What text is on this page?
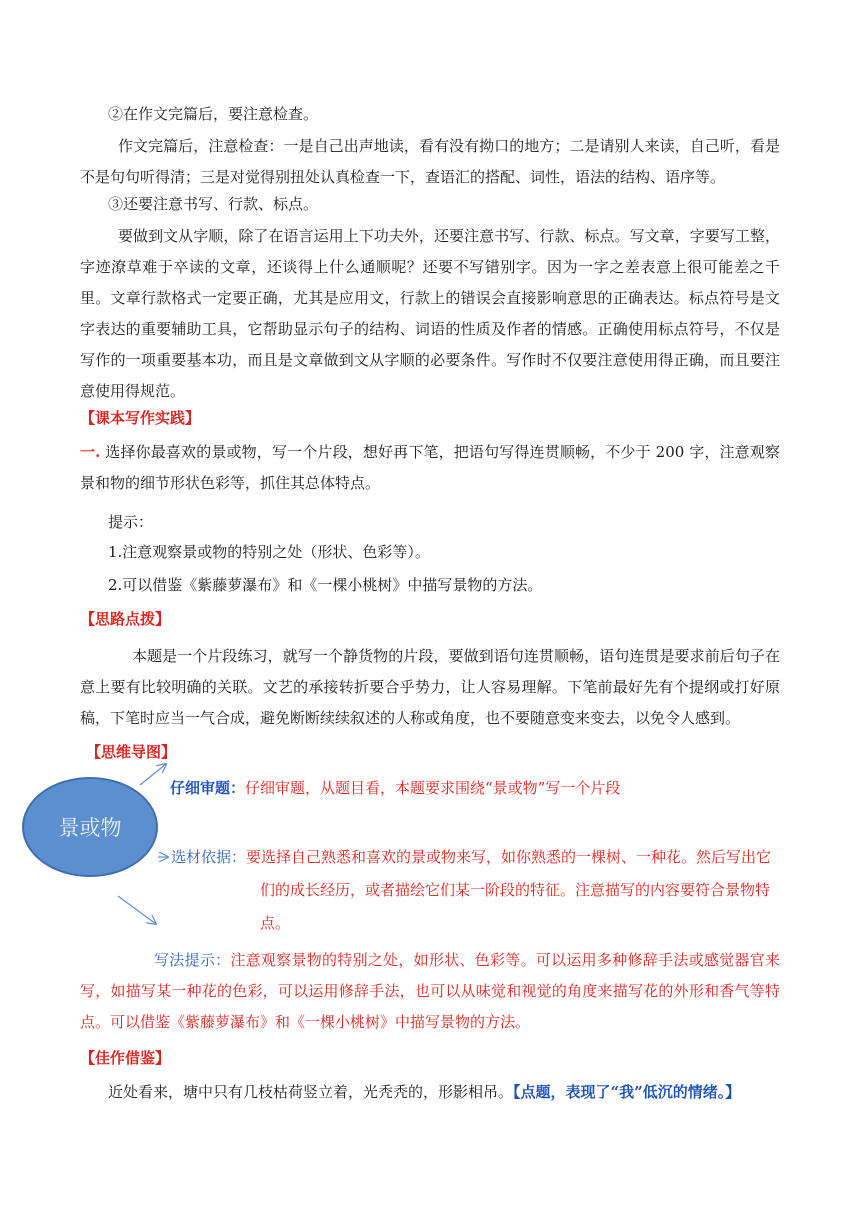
②在作文完篇后，要注意检查。
作文完篇后，注意检查：一是自己出声地读，看有没有拗口的地方；二是请别人来读，自己听，看是不是句句听得清；三是对觉得别扭处认真检查一下，查语汇的搭配、词性，语法的结构、语序等。
③还要注意书写、行款、标点。
要做到文从字顺，除了在语言运用上下功夫外，还要注意书写、行款、标点。写文章，字要写工整，字迹潦草难于卒读的文章，还谈得上什么通顺呢？还要不写错别字。因为一字之差表意上很可能差之千里。文章行款格式一定要正确，尤其是应用文，行款上的错误会直接影响意思的正确表达。标点符号是文字表达的重要辅助工具，它帮助显示句子的结构、词语的性质及作者的情感。正确使用标点符号，不仅是写作的一项重要基本功，而且是文章做到文从字顺的必要条件。写作时不仅要注意使用得正确，而且要注意使用得规范。
【课本写作实践】
一. 选择你最喜欢的景或物，写一个片段，想好再下笔，把语句写得连贯顺畅，不少于 200 字，注意观察景和物的细节形状色彩等，抓住其总体特点。
提示：
1.注意观察景或物的特别之处（形状、色彩等）。
2.可以借鉴《紫藤萝瀑布》和《一棵小桃树》中描写景物的方法。
【思路点拨】
本题是一个片段练习，就写一个静货物的片段，要做到语句连贯顺畅，语句连贯是要求前后句子在意上要有比较明确的关联。文艺的承接转折要合乎势力，让人容易理解。下笔前最好先有个提纲或打好原稿，下笔时应当一气合成，避免断断续续叙述的人称或角度，也不要随意变来变去，以免令人感到。
【思维导图】
景或物
仔细审题：仔细审题，从题目看，本题要求围绕“景或物”写一个片段
选材依据：要选择自己熟悉和喜欢的景或物来写，如你熟悉的一棵树、一种花。然后写出它
们的成长经历，或者描绘它们某一阶段的特征。注意描写的内容要符合景物特
点。
写法提示：注意观察景物的特别之处，如形状、色彩等。可以运用多种修辞手法或感觉器官来写，如描写某一种花的色彩，可以运用修辞手法，也可以从味觉和视觉的角度来描写花的外形和香气等特点。可以借鉴《紫藤萝瀑布》和《一棵小桃树》中描写景物的方法。
【佳作借鉴】
近处看来，塘中只有几枝枯荷竖立着，光秃秃的，形影相吊。【点题，表现了“我”低沉的情绪。】
